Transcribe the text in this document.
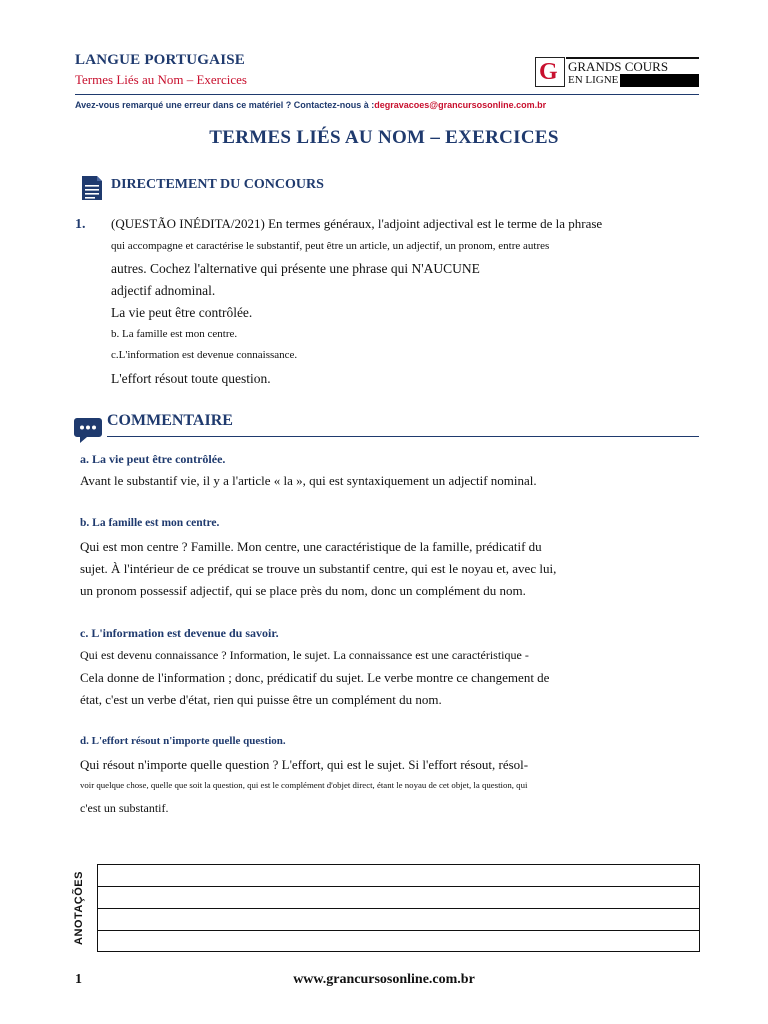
LANGUE PORTUGAISE
Termes Liés au Nom – Exercices	G GRANDS COURS
EN LIGNE
Avez-vous remarqué une erreur dans ce matériel ? Contactez-nous à :degravacoes@grancursosonline.com.br
TERMES LIÉS AU NOM – EXERCICES
DIRECTEMENT DU CONCOURS
1. (QUESTÃO INÉDITA/2021) En termes généraux, l'adjoint adjectival est le terme de la phrase
qui accompagne et caractérise le substantif, peut être un article, un adjectif, un pronom, entre autres
autres. Cochez l'alternative qui présente une phrase qui N'AUCUNE
adjectif adnominal.
La vie peut être contrôlée.
b. La famille est mon centre.
c.L'information est devenue connaissance.
L'effort résout toute question.
COMMENTAIRE
a. La vie peut être contrôlée.
Avant le substantif vie, il y a l'article « la », qui est syntaxiquement un adjectif nominal.
b. La famille est mon centre.
Qui est mon centre ? Famille. Mon centre, une caractéristique de la famille, prédicatif du
sujet. À l'intérieur de ce prédicat se trouve un substantif centre, qui est le noyau et, avec lui,
un pronom possessif adjectif, qui se place près du nom, donc un complément du nom.
c. L'information est devenue du savoir.
Qui est devenu connaissance ? Information, le sujet. La connaissance est une caractéristique -
Cela donne de l'information ; donc, prédicatif du sujet. Le verbe montre ce changement de
état, c'est un verbe d'état, rien qui puisse être un complément du nom.
d. L'effort résout n'importe quelle question.
Qui résout n'importe quelle question ? L'effort, qui est le sujet. Si l'effort résout, résol-
voir quelque chose, quelle que soit la question, qui est le complément d'objet direct, étant le noyau de cet objet, la question, qui
c'est un substantif.
ANOTAÇÕES
1	www.grancursosonline.com.br
